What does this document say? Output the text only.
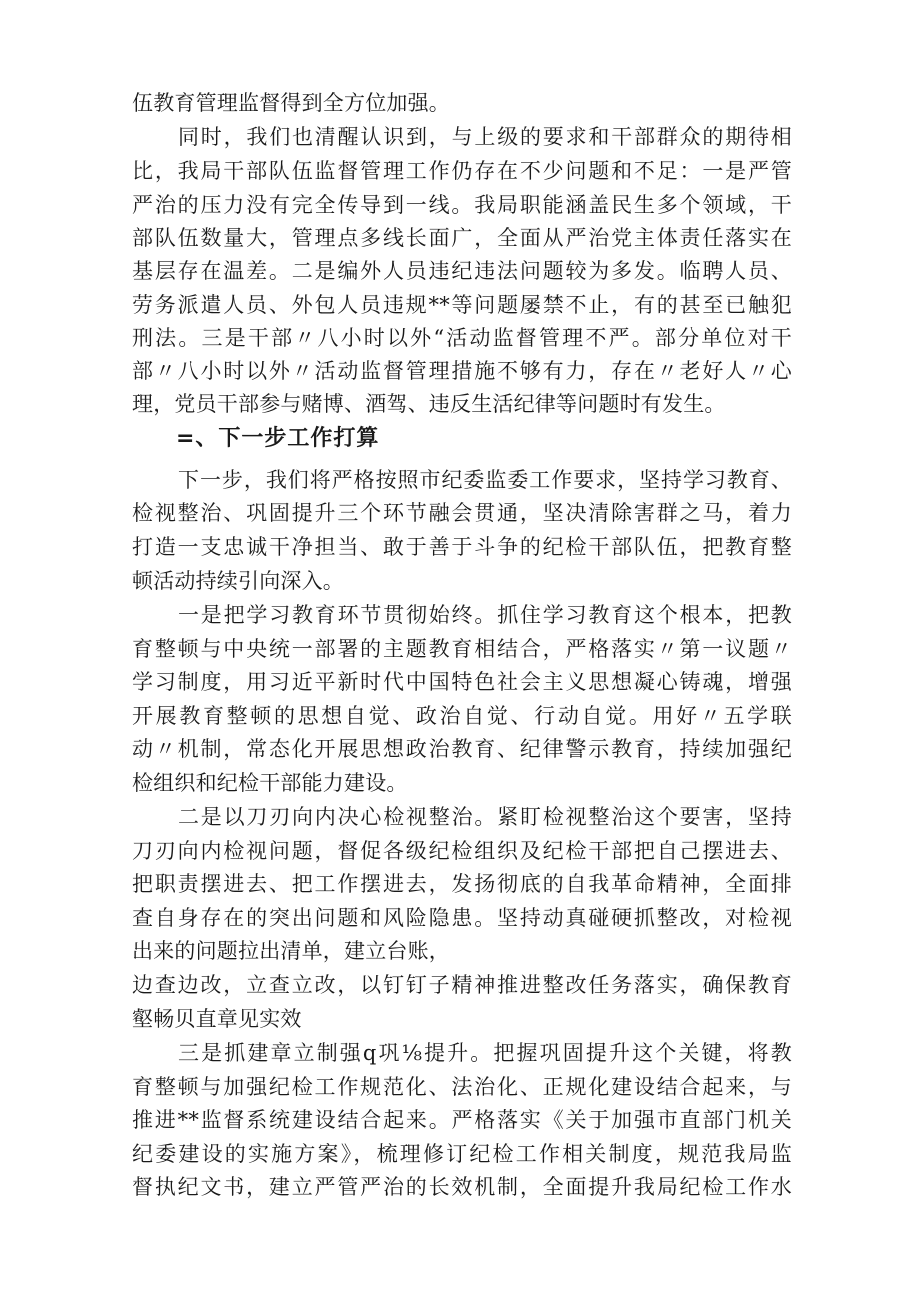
伍教育管理监督得到全方位加强。
同时，我们也清醒认识到，与上级的要求和干部群众的期待相
比，我局干部队伍监督管理工作仍存在不少问题和不足：一是严管
严治的压力没有完全传导到一线。我局职能涵盖民生多个领域，干
部队伍数量大，管理点多线长面广，全面从严治党主体责任落实在
基层存在温差。二是编外人员违纪违法问题较为多发。临聘人员、
劳务派遣人员、外包人员违规**等问题屡禁不止，有的甚至已触犯
刑法。三是干部〃八小时以外“活动监督管理不严。部分单位对干
部〃八小时以外〃活动监督管理措施不够有力，存在〃老好人〃心
理，党员干部参与赌博、酒驾、违反生活纪律等问题时有发生。
=、下一步工作打算
下一步，我们将严格按照市纪委监委工作要求，坚持学习教育、
检视整治、巩固提升三个环节融会贯通，坚决清除害群之马，着力
打造一支忠诚干净担当、敢于善于斗争的纪检干部队伍，把教育整
顿活动持续引向深入。
一是把学习教育环节贯彻始终。抓住学习教育这个根本，把教
育整顿与中央统一部署的主题教育相结合，严格落实〃第一议题〃
学习制度，用习近平新时代中国特色社会主义思想凝心铸魂，增强
开展教育整顿的思想自觉、政治自觉、行动自觉。用好〃五学联
动〃机制，常态化开展思想政治教育、纪律警示教育，持续加强纪
检组织和纪检干部能力建设。
二是以刀刃向内决心检视整治。紧盯检视整治这个要害，坚持
刀刃向内检视问题，督促各级纪检组织及纪检干部把自己摆进去、
把职责摆进去、把工作摆进去，发扬彻底的自我革命精神，全面排
查自身存在的突出问题和风险隐患。坚持动真碰硬抓整改，对检视
出来的问题拉出清单，建立台账，
边查边改，立查立改，以钉钉子精神推进整改任务落实，确保教育
壑畅贝直章见实效
三是抓建章立制强q巩⅛提升。把握巩固提升这个关键，将教
育整顿与加强纪检工作规范化、法治化、正规化建设结合起来，与
推进**监督系统建设结合起来。严格落实《关于加强市直部门机关
纪委建设的实施方案》，梳理修订纪检工作相关制度，规范我局监
督执纪文书，建立严管严治的长效机制，全面提升我局纪检工作水
